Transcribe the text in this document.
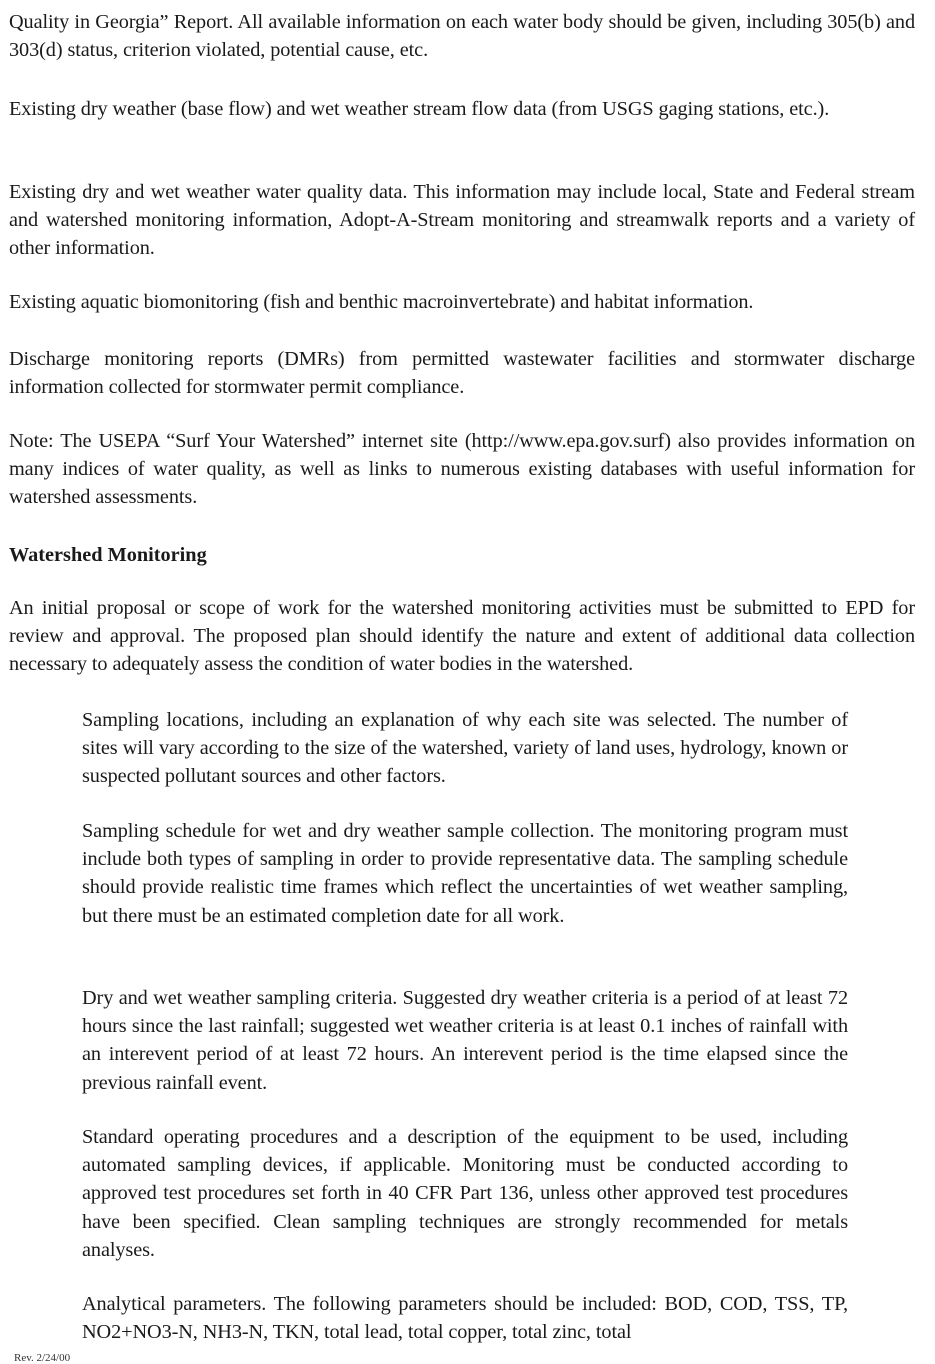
Quality in Georgia” Report. All available information on each water body should be given, including 305(b) and 303(d) status, criterion violated, potential cause, etc.

Existing dry weather (base flow) and wet weather stream flow data (from USGS gaging stations, etc.).

Existing dry and wet weather water quality data. This information may include local, State and Federal stream and watershed monitoring information, Adopt-A-Stream monitoring and streamwalk reports and a variety of other information.

Existing aquatic biomonitoring (fish and benthic macroinvertebrate) and habitat information.

Discharge monitoring reports (DMRs) from permitted wastewater facilities and stormwater discharge information collected for stormwater permit compliance.

Note: The USEPA “Surf Your Watershed” internet site (http://www.epa.gov.surf) also provides information on many indices of water quality, as well as links to numerous existing databases with useful information for watershed assessments.

Watershed Monitoring

An initial proposal or scope of work for the watershed monitoring activities must be submitted to EPD for review and approval. The proposed plan should identify the nature and extent of additional data collection necessary to adequately assess the condition of water bodies in the watershed.

Sampling locations, including an explanation of why each site was selected. The number of sites will vary according to the size of the watershed, variety of land uses, hydrology, known or suspected pollutant sources and other factors.

Sampling schedule for wet and dry weather sample collection. The monitoring program must include both types of sampling in order to provide representative data. The sampling schedule should provide realistic time frames which reflect the uncertainties of wet weather sampling, but there must be an estimated completion date for all work.

Dry and wet weather sampling criteria. Suggested dry weather criteria is a period of at least 72 hours since the last rainfall; suggested wet weather criteria is at least 0.1 inches of rainfall with an interevent period of at least 72 hours. An interevent period is the time elapsed since the previous rainfall event.

Standard operating procedures and a description of the equipment to be used, including automated sampling devices, if applicable. Monitoring must be conducted according to approved test procedures set forth in 40 CFR Part 136, unless other approved test procedures have been specified. Clean sampling techniques are strongly recommended for metals analyses.

Analytical parameters. The following parameters should be included: BOD, COD, TSS, TP, NO2+NO3-N, NH3-N, TKN, total lead, total copper, total zinc, total

Rev. 2/24/00
